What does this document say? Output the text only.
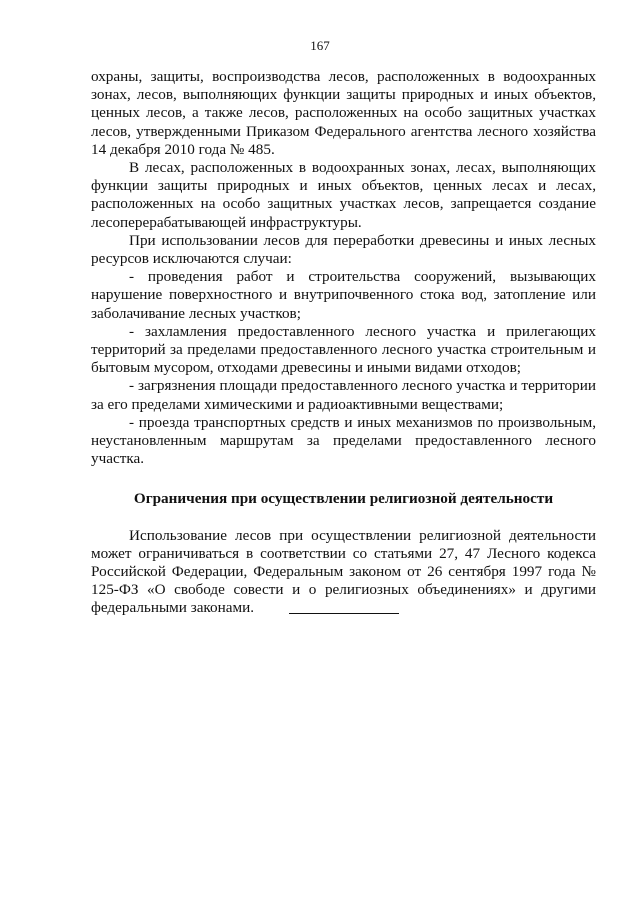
167

охраны, защиты, воспроизводства лесов, расположенных в водоохранных зонах, лесов, выполняющих функции защиты природных и иных объектов, ценных лесов, а также лесов, расположенных на особо защитных участках лесов, утвержденными Приказом Федерального агентства лесного хозяйства 14 декабря 2010 года № 485.

В лесах, расположенных в водоохранных зонах, лесах, выполняющих функции защиты природных и иных объектов, ценных лесах и лесах, расположенных на особо защитных участках лесов, запрещается создание лесоперерабатывающей инфраструктуры.

При использовании лесов для переработки древесины и иных лесных ресурсов исключаются случаи:

- проведения работ и строительства сооружений, вызывающих нарушение поверхностного и внутрипочвенного стока вод, затопление или заболачивание лесных участков;

- захламления предоставленного лесного участка и прилегающих территорий за пределами предоставленного лесного участка строительным и бытовым мусором, отходами древесины и иными видами отходов;

- загрязнения площади предоставленного лесного участка и территории за его пределами химическими и радиоактивными веществами;

- проезда транспортных средств и иных механизмов по произвольным, неустановленным маршрутам за пределами предоставленного лесного участка.

Ограничения при осуществлении религиозной деятельности

Использование лесов при осуществлении религиозной деятельности может ограничиваться в соответствии со статьями 27, 47 Лесного кодекса Российской Федерации, Федеральным законом от 26 сентября 1997 года № 125-ФЗ «О свободе совести и о религиозных объединениях» и другими федеральными законами.
